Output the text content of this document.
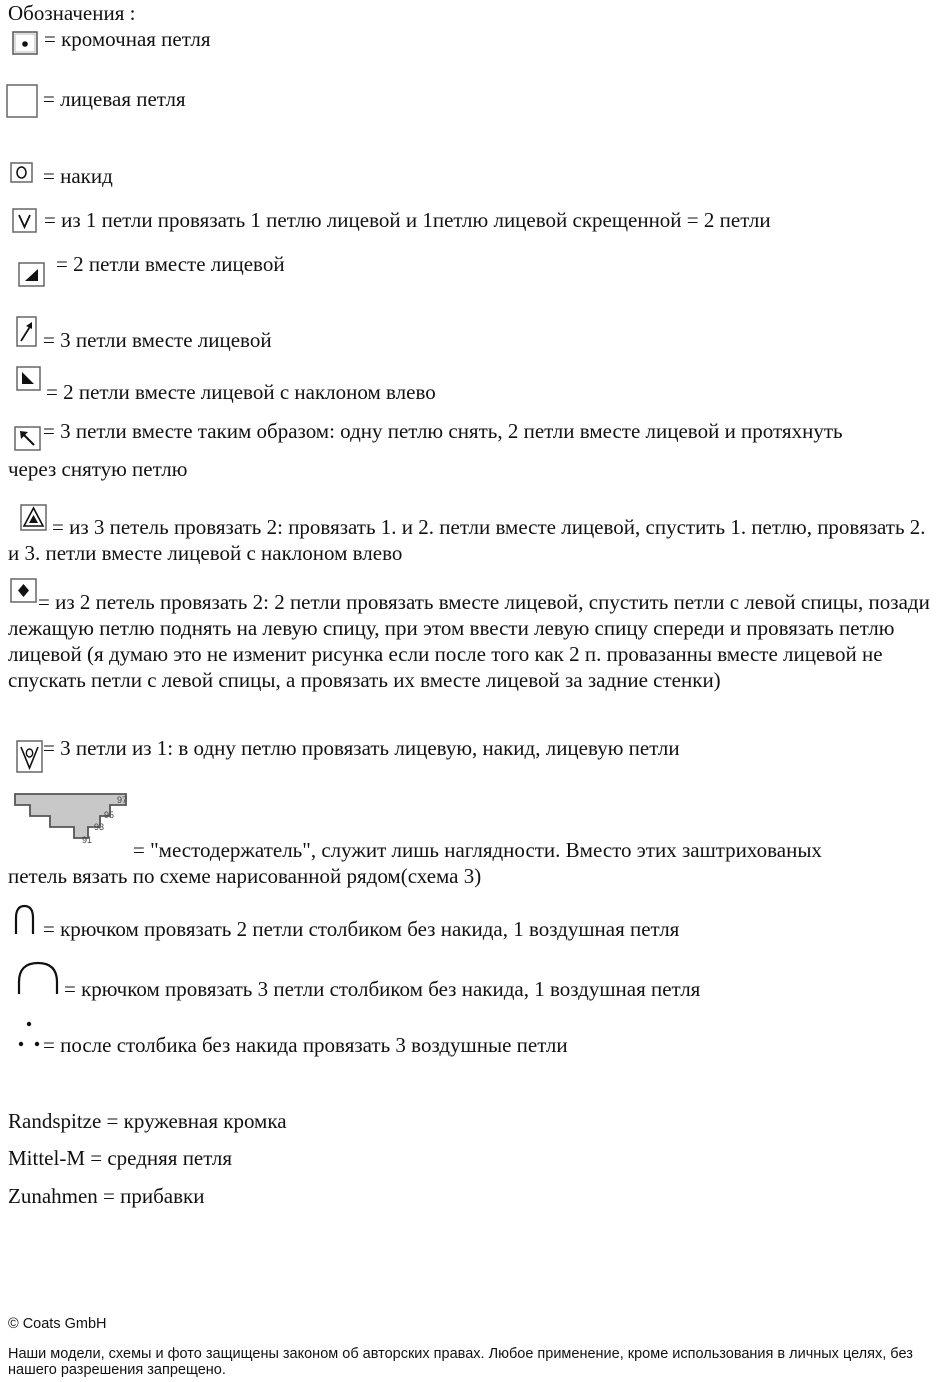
Обозначения :
= кромочная петля
= лицевая петля
= накид
= из 1 петли провязать 1 петлю лицевой и 1петлю лицевой скрещенной = 2 петли
= 2 петли вместе лицевой
= 3 петли вместе лицевой
= 2 петли вместе лицевой с наклоном влево
= 3 петли вместе таким образом: одну петлю снять, 2 петли вместе лицевой и протяхнуть
через снятую петлю
= из 3 петель провязать 2: провязать 1. и 2. петли вместе лицевой, спустить 1. петлю, провязать 2. и 3. петли вместе лицевой с наклоном влево
= из 2 петель провязать 2: 2 петли провязать вместе лицевой, спустить петли с левой спицы, позади лежащую петлю поднять на левую спицу, при этом ввести левую спицу спереди и провязать петлю лицевой (я думаю это не изменит рисунка если после того как 2 п. провазанны вместе лицевой не спускать петли с левой спицы, а провязать их вместе лицевой за задние стенки)
= 3 петли из 1: в одну петлю провязать лицевую, накид, лицевую петли
97
95
93
91 = "местодержатель", служит лишь наглядности. Вместо этих заштрихованых
петель вязать по схеме нарисованной рядом(схема 3)
= крючком провязать 2 петли столбиком без накида, 1 воздушная петля
= крючком провязать 3 петли столбиком без накида, 1 воздушная петля
= после столбика без накида провязать 3 воздушные петли
Randspitze = кружевная кромка
Mittel-M = средняя петля
Zunahmen = прибавки
© Coats GmbH
Наши модели, схемы и фото защищены законом об авторских правах. Любое применение, кроме использования в личных целях, без нашего разрешения запрещено.
